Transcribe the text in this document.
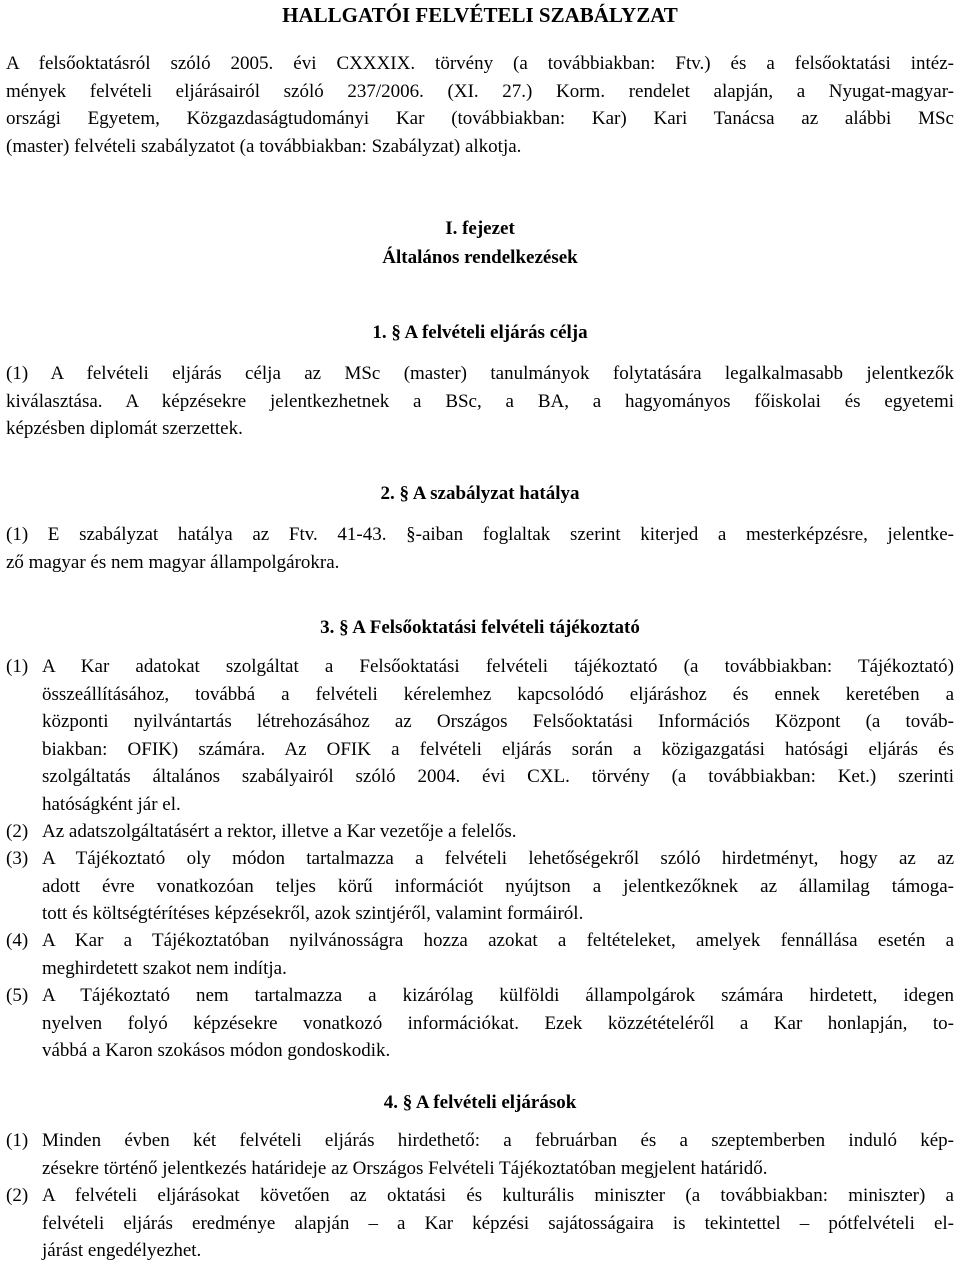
HALLGATÓI FELVÉTELI SZABÁLYZAT

A felsőoktatásról szóló 2005. évi CXXXIX. törvény (a továbbiakban: Ftv.) és a felsőoktatási intéz-
mények felvételi eljárásairól szóló 237/2006. (XI. 27.) Korm. rendelet alapján, a Nyugat-magyar-
országi Egyetem, Közgazdaságtudományi Kar (továbbiakban: Kar) Kari Tanácsa az alábbi MSc
(master) felvételi szabályzatot (a továbbiakban: Szabályzat) alkotja.

I. fejezet
Általános rendelkezések
1. § A felvételi eljárás célja

(1) A felvételi eljárás célja az MSc (master) tanulmányok folytatására legalkalmasabb jelentkezők
kiválasztása. A képzésekre jelentkezhetnek a BSc, a BA, a hagyományos főiskolai és egyetemi
képzésben diplomát szerzettek.

2. § A szabályzat hatálya

(1) E szabályzat hatálya az Ftv. 41-43. §-aiban foglaltak szerint kiterjed a mesterképzésre, jelentke-
ző magyar és nem magyar állampolgárokra.

3. § A Felsőoktatási felvételi tájékoztató
(1) A Kar adatokat szolgáltat a Felsőoktatási felvételi tájékoztató (a továbbiakban: Tájékoztató)
összeállításához, továbbá a felvételi kérelemhez kapcsolódó eljáráshoz és ennek keretében a
központi nyilvántartás létrehozásához az Országos Felsőoktatási Információs Központ (a továb-
biakban: OFIK) számára. Az OFIK a felvételi eljárás során a közigazgatási hatósági eljárás és
szolgáltatás általános szabályairól szóló 2004. évi CXL. törvény (a továbbiakban: Ket.) szerinti
hatóságként jár el.
(2) Az adatszolgáltatásért a rektor, illetve a Kar vezetője a felelős.
(3) A Tájékoztató oly módon tartalmazza a felvételi lehetőségekről szóló hirdetményt, hogy az az
adott évre vonatkozóan teljes körű információt nyújtson a jelentkezőknek az államilag támoga-
tott és költségtérítéses képzésekről, azok szintjéről, valamint formáiról.
(4) A Kar a Tájékoztatóban nyilvánosságra hozza azokat a feltételeket, amelyek fennállása esetén a
meghirdetett szakot nem indítja.
(5) A Tájékoztató nem tartalmazza a kizárólag külföldi állampolgárok számára hirdetett, idegen
nyelven folyó képzésekre vonatkozó információkat. Ezek közzétételéről a Kar honlapján, to-
vábbá a Karon szokásos módon gondoskodik.
4. § A felvételi eljárások
(1) Minden évben két felvételi eljárás hirdethető: a februárban és a szeptemberben induló kép-
zésekre történő jelentkezés határideje az Országos Felvételi Tájékoztatóban megjelent határidő.
(2) A felvételi eljárásokat követően az oktatási és kulturális miniszter (a továbbiakban: miniszter) a
felvételi eljárás eredménye alapján – a Kar képzési sajátosságaira is tekintettel – pótfelvételi el-
járást engedélyezhet.
